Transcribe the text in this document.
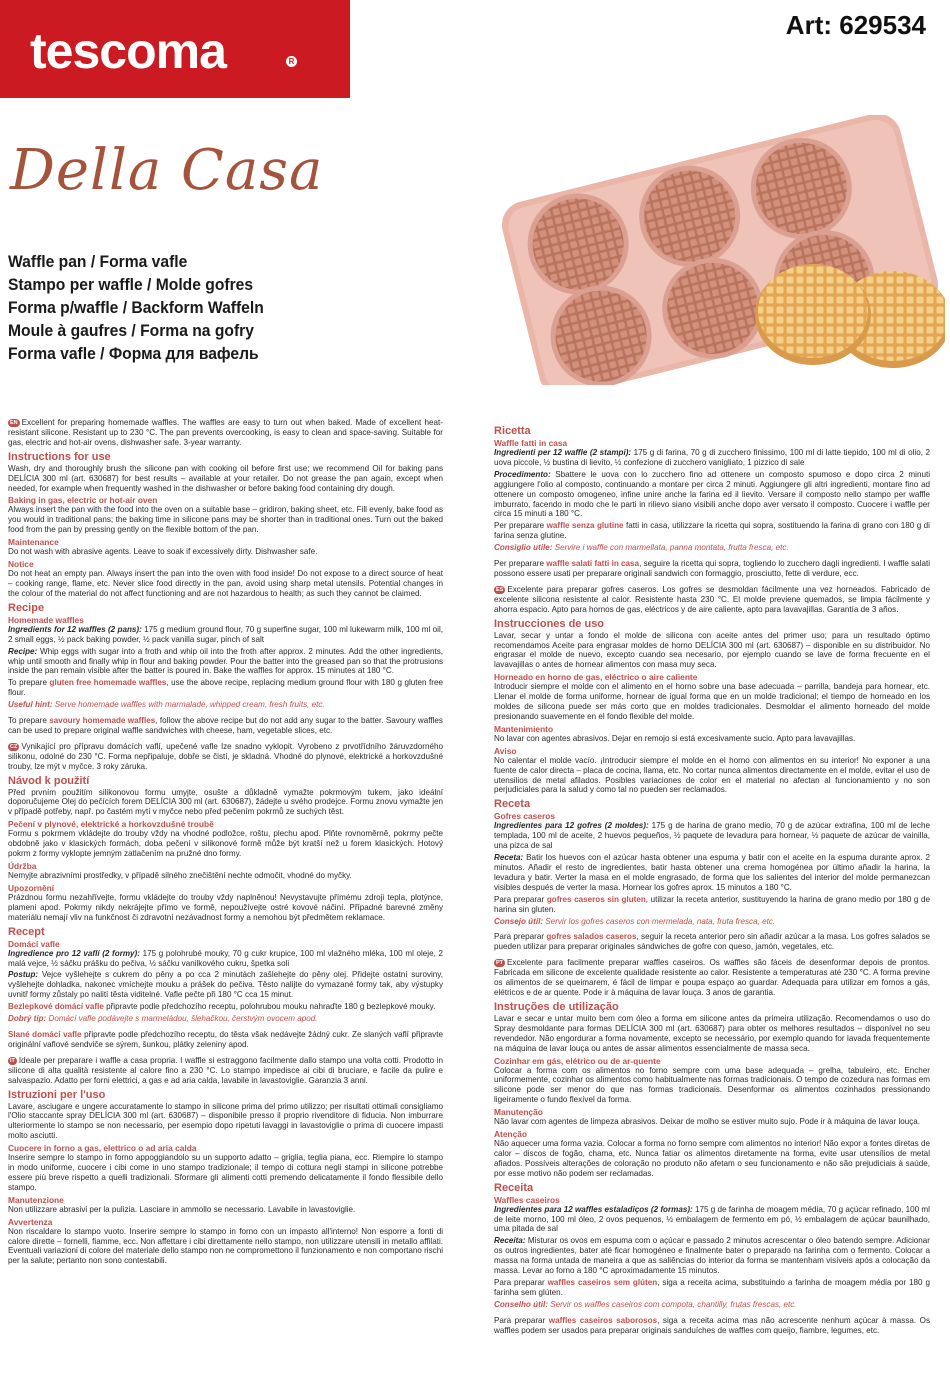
tescoma	R
Art: 629534
Della Casa
Waffle pan / Forma vafle
Stampo per waffle / Molde gofres
Forma p/waffle / Backform Waffeln
Moule à gaufres / Forma na gofry
Forma vafle / Форма для вафель
EN Excellent for preparing homemade waffles. The waffles are easy to turn out when baked. Made of excellent heat-resistant silicone. Resistant up to 230 °C. The pan prevents overcooking, is easy to clean and space-saving. Suitable for gas, electric and hot-air ovens, dishwasher safe. 3-year warranty.
Instructions for use
Wash, dry and thoroughly brush the silicone pan with cooking oil before first use; we recommend Oil for baking pans DELÍCIA 300 ml (art. 630687) for best results – available at your retailer. Do not grease the pan again, except when needed, for example when frequently washed in the dishwasher or before baking food containing dry dough.
Baking in gas, electric or hot-air oven
Always insert the pan with the food into the oven on a suitable base – gridiron, baking sheet, etc. Fill evenly, bake food as you would in traditional pans; the baking time in silicone pans may be shorter than in traditional ones. Turn out the baked food from the pan by pressing gently on the flexible bottom of the pan.
Maintenance
Do not wash with abrasive agents. Leave to soak if excessively dirty. Dishwasher safe.
Notice
Do not heat an empty pan. Always insert the pan into the oven with food inside! Do not expose to a direct source of heat – cooking range, flame, etc. Never slice food directly in the pan, avoid using sharp metal utensils. Potential changes in the colour of the material do not affect functioning and are not hazardous to health; as such they cannot be claimed.
Recipe
Homemade waffles
Ingredients for 12 waffles (2 pans): 175 g medium ground flour, 70 g superfine sugar, 100 ml lukewarm milk, 100 ml oil, 2 small eggs, ½ pack baking powder, ½ pack vanilla sugar, pinch of salt
Recipe: Whip eggs with sugar into a froth and whip oil into the froth after approx. 2 minutes. Add the other ingredients, whip until smooth and finally whip in flour and baking powder. Pour the batter into the greased pan so that the protrusions inside the pan remain visible after the batter is poured in. Bake the waffles for approx. 15 minutes at 180 °C.
To prepare gluten free homemade waffles, use the above recipe, replacing medium ground flour with 180 g gluten free flour.
Useful hint: Serve homemade waffles with marmalade, whipped cream, fresh fruits, etc.
To prepare savoury homemade waffles, follow the above recipe but do not add any sugar to the batter. Savoury waffles can be used to prepare original waffle sandwiches with cheese, ham, vegetable slices, etc.
CZ Vynikající pro přípravu domácích vaflí, upečené vafle lze snadno vyklopit. Vyrobeno z prvotřídního žáruvzdorného silikonu, odolné do 230 °C. Forma nepřipaluje, dobře se čistí, je skladná. Vhodné do plynové, elektrické a horkovzdušné trouby, lze mýt v myčce. 3 roky záruka.
Návod k použití
Před prvním použitím silikonovou formu umyjte, osušte a důkladně vymažte pokrmovým tukem, jako ideální doporučujeme Olej do pečících forem DELÍCIA 300 ml (art. 630687), žádejte u svého prodejce. Formu znovu vymažte jen v případě potřeby, např. po častém mytí v myčce nebo před pečením pokrmů ze suchých těst.
Pečení v plynové, elektrické a horkovzdušné troubě
Formu s pokrmem vkládejte do trouby vždy na vhodné podložce, roštu, plechu apod. Plňte rovnoměrně, pokrmy pečte obdobně jako v klasických formách, doba pečení v silikonové formě může být kratší než u forem klasických. Hotový pokrm z formy vyklopte jemným zatlačením na pružné dno formy.
Údržba
Nemyjte abrazivními prostředky, v případě silného znečištění nechte odmočit, vhodné do myčky.
Upozornění
Prázdnou formu nezahřívejte, formu vkládejte do trouby vždy naplněnou! Nevystavujte přímému zdroji tepla, plotýnce, plameni apod. Pokrmy nikdy nekrájejte přímo ve formě, nepoužívejte ostré kovové náčiní. Případné barevné změny materiálu nemají vliv na funkčnost či zdravotní nezávadnost formy a nemohou být předmětem reklamace.
Recept
Domácí vafle
Ingredience pro 12 vaflí (2 formy): 175 g polohrubé mouky, 70 g cukr krupice, 100 ml vlažného mléka, 100 ml oleje, 2 malá vejce, ½ sáčku prášku do pečiva, ½ sáčku vanilkového cukru, špetka soli
Postup: Vejce vyšlehejte s cukrem do pěny a po cca 2 minutách zašlehejte do pěny olej. Přidejte ostatní suroviny, vyšlehejte dohladka, nakonec vmíchejte mouku a prášek do pečiva. Těsto nalijte do vymazané formy tak, aby výstupky uvnitř formy zůstaly po nalití těsta viditelné. Vafle pečte při 180 °C cca 15 minut.
Bezlepkové domácí vafle připravte podle předchozího receptu, polohrubou mouku nahraďte 180 g bezlepkové mouky.
Dobrý tip: Domácí vafle podávejte s marmeládou, šlehačkou, čerstvým ovocem apod.
Slané domácí vafle připravte podle předchozího receptu, do těsta však nedávejte žádný cukr. Ze slaných vaflí připravte originální vaflové sendviče se sýrem, šunkou, plátky zeleniny apod.
IT Ideale per preparare i waffle a casa propria. I waffle si estraggono facilmente dallo stampo una volta cotti. Prodotto in silicone di alta qualità resistente al calore fino a 230 °C. Lo stampo impedisce ai cibi di bruciare, e facile da pulire e salvaspazio. Adatto per forni elettrici, a gas e ad aria calda, lavabile in lavastoviglie. Garanzia 3 anni.
Istruzioni per l'uso
Lavare, asciugare e ungere accuratamente lo stampo in silicone prima del primo utilizzo; per risultati ottimali consigliamo l'Olio staccante spray DELÍCIA 300 ml (art. 630687) – disponibile presso il proprio rivenditore di fiducia. Non imburrare ulteriormente lo stampo se non necessario, per esempio dopo ripetuti lavaggi in lavastoviglie o prima di cuocere impasti molto asciutti.
Cuocere in forno a gas, elettrico o ad aria calda
Inserire sempre lo stampo in forno appoggiandolo su un supporto adatto – griglia, teglia piana, ecc. Riempire lo stampo in modo uniforme, cuocere i cibi come in uno stampo tradizionale; il tempo di cottura negli stampi in silicone potrebbe essere più breve rispetto a quelli tradizionali. Sformare gli alimenti cotti premendo delicatamente il fondo flessibile dello stampo.
Manutenzione
Non utilizzare abrasivi per la pulizia. Lasciare in ammollo se necessario. Lavabile in lavastoviglie.
Avvertenza
Non riscaldare lo stampo vuoto. Inserire sempre lo stampo in forno con un impasto all'interno! Non esporre a fonti di calore dirette – fornelli, fiamme, ecc. Non affettare i cibi direttamente nello stampo, non utilizzare utensili in metallo affilati. Eventuali variazioni di colore del materiale dello stampo non ne compromettono il funzionamento e non comportano rischi per la salute; pertanto non sono contestabili.
Ricetta
Waffle fatti in casa
Ingredienti per 12 waffle (2 stampi): 175 g di farina, 70 g di zucchero finissimo, 100 ml di latte tiepido, 100 ml di olio, 2 uova piccole, ½ bustina di lievito, ½ confezione di zucchero vanigliato, 1 pizzico di sale
Procedimento: Sbattere le uova con lo zucchero fino ad ottenere un composto spumoso e dopo circa 2 minuti aggiungere l'olio al composto, continuando a montare per circa 2 minuti. Aggiungere gli altri ingredienti, montare fino ad ottenere un composto omogeneo, infine unire anche la farina ed il lievito. Versare il composto nello stampo per waffle imburrato, facendo in modo che le parti in rilievo siano visibili anche dopo aver versato il composto. Cuocere i waffle per circa 15 minuti a 180 °C.
Per preparare waffle senza glutine fatti in casa, utilizzare la ricetta qui sopra, sostituendo la farina di grano con 180 g di farina senza glutine.
Consiglio utile: Servire i waffle con marmellata, panna montata, frutta fresca, etc.
Per preparare waffle salati fatti in casa, seguire la ricetta qui sopra, togliendo lo zucchero dagli ingredienti. I waffle salati possono essere usati per preparare originali sandwich con formaggio, prosciutto, fette di verdure, ecc.
ES Excelente para preparar gofres caseros. Los gofres se desmoldan fácilmente una vez horneados. Fabricado de excelente silicona resistente al calor. Resistente hasta 230 °C. El molde previene quemados, se limpia fácilmente y ahorra espacio. Apto para hornos de gas, eléctricos y de aire caliente, apto para lavavajillas. Garantía de 3 años.
Instrucciones de uso
Lavar, secar y untar a fondo el molde de silicona con aceite antes del primer uso; para un resultado óptimo recomendamos Aceite para engrasar moldes de horno DELÍCIA 300 ml (art. 630687) – disponible en su distribuidor. No engrasar el molde de nuevo, excepto cuando sea necesario, por ejemplo cuando se lave de forma frecuente en el lavavajillas o antes de hornear alimentos con masa muy seca.
Horneado en horno de gas, eléctrico o aire caliente
Introducir siempre el molde con el alimento en el horno sobre una base adecuada – parrilla, bandeja para hornear, etc. Llenar el molde de forma uniforme, hornear de igual forma que en un molde tradicional; el tiempo de horneado en los moldes de silicona puede ser más corto que en moldes tradicionales. Desmoldar el alimento horneado del molde presionando suavemente en el fondo flexible del molde.
Mantenimiento
No lavar con agentes abrasivos. Dejar en remojo si está excesivamente sucio. Apto para lavavajillas.
Aviso
No calentar el molde vacío. ¡Introducir siempre el molde en el horno con alimentos en su interior! No exponer a una fuente de calor directa – placa de cocina, llama, etc. No cortar nunca alimentos directamente en el molde, evitar el uso de utensilios de metal afilados. Posibles variaciones de color en el material no afectan al funcionamiento y no son perjudiciales para la salud y como tal no pueden ser reclamados.
Receta
Gofres caseros
Ingredientes para 12 gofres (2 moldes): 175 g de harina de grano medio, 70 g de azúcar extrafina, 100 ml de leche templada, 100 ml de aceite, 2 huevos pequeños, ½ paquete de levadura para hornear, ½ paquete de azúcar de vainilla, una pizca de sal
Receta: Batir los huevos con el azúcar hasta obtener una espuma y batir con el aceite en la espuma durante aprox. 2 minutos. Añadir el resto de ingredientes, batir hasta obtener una crema homogénea por último añadir la harina, la levadura y batir. Verter la masa en el molde engrasado, de forma que los salientes del interior del molde permanezcan visibles después de verter la masa. Hornear los gofres aprox. 15 minutos a 180 °C.
Para preparar gofres caseros sin gluten, utilizar la receta anterior, sustituyendo la harina de grano medio por 180 g de harina sin gluten.
Consejo útil: Servir los gofres caseros con mermelada, nata, fruta fresca, etc.
Para preparar gofres salados caseros, seguir la receta anterior pero sin añadir azúcar a la masa. Los gofres salados se pueden utilizar para preparar originales sándwiches de gofre con queso, jamón, vegetales, etc.
PT Excelente para facilmente preparar waffles caseiros. Os waffles são fáceis de desenformar depois de prontos. Fabricada em silicone de excelente qualidade resistente ao calor. Resistente a temperaturas até 230 °C. A forma previne os alimentos de se queimarem, é fácil de limpar e poupa espaço ao guardar. Adequada para utilizar em fornos a gás, elétricos e de ar quente. Pode ir à máquina de lavar louça. 3 anos de garantia.
Instruções de utilização
Lavar e secar e untar muito bem com óleo a forma em silicone antes da primeira utilização. Recomendamos o uso do Spray desmoldante para formas DELÍCIA 300 ml (art. 630687) para obter os melhores resultados – disponível no seu revendedor. Não engordurar a forma novamente, excepto se necessário, por exemplo quando for lavada frequentemente na máquina de lavar louça ou antes de assar alimentos essencialmente de massa seca.
Cozinhar em gás, elétrico ou de ar-quente
Colocar a forma com os alimentos no forno sempre com uma base adequada – grelha, tabuleiro, etc. Encher uniformemente, cozinhar os alimentos como habitualmente nas formas tradicionais. O tempo de cozedura nas formas em silicone pode ser menor do que nas formas tradicionais. Desenformar os alimentos cozinhados pressionando ligeiramente o fundo flexível da forma.
Manutenção
Não lavar com agentes de limpeza abrasivos. Deixar de molho se estiver muito sujo. Pode ir à máquina de lavar louça.
Atenção
Não aquecer uma forma vazia. Colocar a forma no forno sempre com alimentos no interior! Não expor a fontes diretas de calor – discos de fogão, chama, etc. Nunca fatiar os alimentos diretamente na forma, evite usar utensílios de metal afiados. Possíveis alterações de coloração no produto não afetam o seu funcionamento e não são prejudiciais à saúde, por esse motivo não podem ser reclamadas.
Receita
Waffles caseiros
Ingredientes para 12 waffles estaladiços (2 formas): 175 g de farinha de moagem média, 70 g açúcar refinado, 100 ml de leite morno, 100 ml óleo, 2 ovos pequenos, ½ embalagem de fermento em pó, ½ embalagem de açúcar baunilhado, uma pitada de sal
Receita: Misturar os ovos em espuma com o açúcar e passado 2 minutos acrescentar o óleo batendo sempre. Adicionar os outros ingredientes, bater até ficar homogéneo e finalmente bater o preparado na farinha com o fermento. Colocar a massa na forma untada de maneira a que as saliências do interior da forma se mantenham visíveis após a colocação da massa. Levar ao forno a 180 °C aproximadamente 15 minutos.
Para preparar waffles caseiros sem glúten, siga a receita acima, substituindo a farinha de moagem média por 180 g farinha sem glúten.
Conselho útil: Servir os waffles caseiros com compota, chantilly, frutas frescas, etc.
Para preparar waffles caseiros saborosos, siga a receita acima mas não acrescente nenhum açúcar à massa. Os waffles podem ser usados para preparar originais sanduíches de waffles com queijo, fiambre, legumes, etc.
